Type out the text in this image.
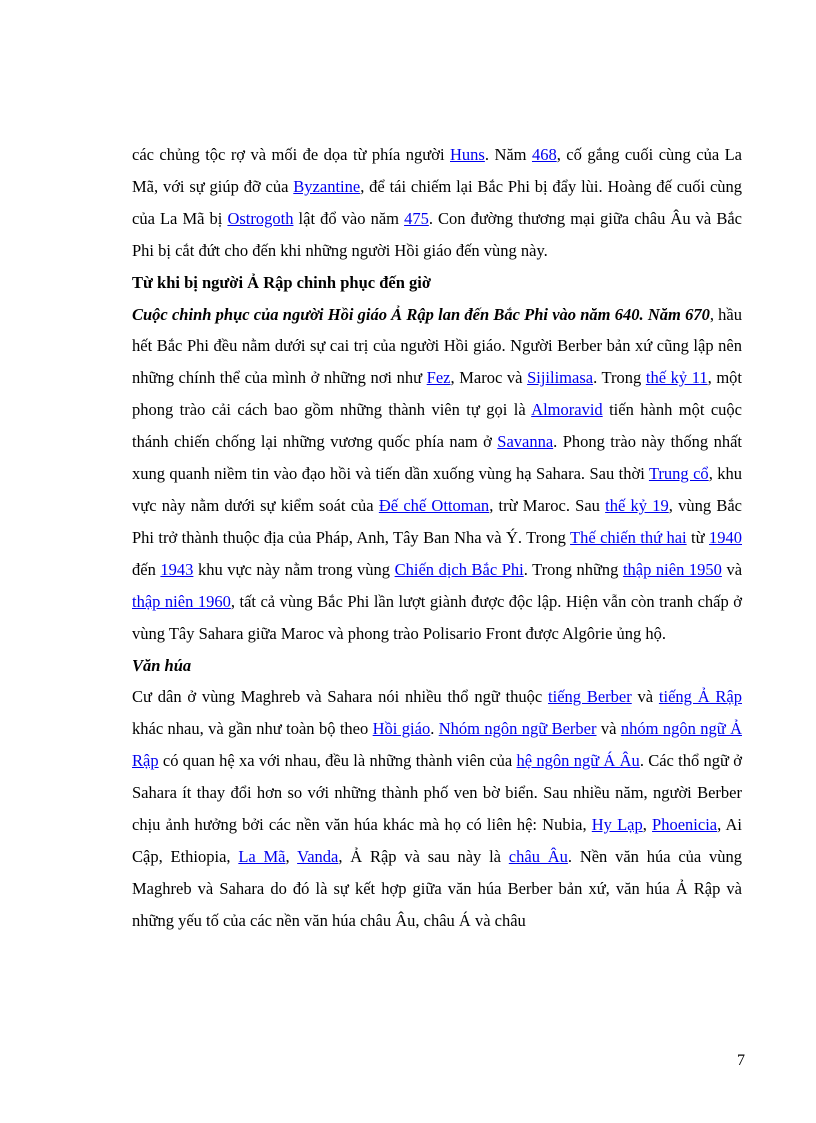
các chủng tộc rợ và mối đe dọa từ phía người Huns. Năm 468, cố gắng cuối cùng của La Mã, với sự giúp đỡ của Byzantine, để tái chiếm lại Bắc Phi bị đẩy lùi. Hoàng đế cuối cùng của La Mã bị Ostrogoth lật đổ vào năm 475. Con đường thương mại giữa châu Âu và Bắc Phi bị cắt đứt cho đến khi những người Hồi giáo đến vùng này.

Từ khi bị người Ả Rập chinh phục đến giờ

Cuộc chinh phục của người Hồi giáo Ả Rập lan đến Bắc Phi vào năm 640. Năm 670, hầu hết Bắc Phi đều nằm dưới sự cai trị của người Hồi giáo. Người Berber bản xứ cũng lập nên những chính thể của mình ở những nơi như Fez, Maroc và Sijilimasa. Trong thế kỷ 11, một phong trào cải cách bao gồm những thành viên tự gọi là Almoravid tiến hành một cuộc thánh chiến chống lại những vương quốc phía nam ở Savanna. Phong trào này thống nhất xung quanh niềm tin vào đạo hồi và tiến dần xuống vùng hạ Sahara. Sau thời Trung cổ, khu vực này nằm dưới sự kiểm soát của Đế chế Ottoman, trừ Maroc. Sau thế kỷ 19, vùng Bắc Phi trở thành thuộc địa của Pháp, Anh, Tây Ban Nha và Ý. Trong Thế chiến thứ hai từ 1940 đến 1943 khu vực này nằm trong vùng Chiến dịch Bắc Phi. Trong những thập niên 1950 và thập niên 1960, tất cả vùng Bắc Phi lần lượt giành được độc lập. Hiện vẫn còn tranh chấp ở vùng Tây Sahara giữa Maroc và phong trào Polisario Front được Algôrie ủng hộ.

Văn húa

Cư dân ở vùng Maghreb và Sahara nói nhiều thổ ngữ thuộc tiếng Berber và tiếng Ả Rập khác nhau, và gần như toàn bộ theo Hồi giáo. Nhóm ngôn ngữ Berber và nhóm ngôn ngữ Ả Rập có quan hệ xa với nhau, đều là những thành viên của hệ ngôn ngữ Á Âu. Các thổ ngữ ở Sahara ít thay đổi hơn so với những thành phố ven bờ biển. Sau nhiều năm, người Berber chịu ảnh hưởng bởi các nền văn húa khác mà họ có liên hệ: Nubia, Hy Lạp, Phoenicia, Ai Cập, Ethiopia, La Mã, Vanda, Ả Rập và sau này là châu Âu. Nền văn húa của vùng Maghreb và Sahara do đó là sự kết hợp giữa văn húa Berber bản xứ, văn húa Ả Rập và những yếu tố của các nền văn húa châu Âu, châu Á và châu

7
